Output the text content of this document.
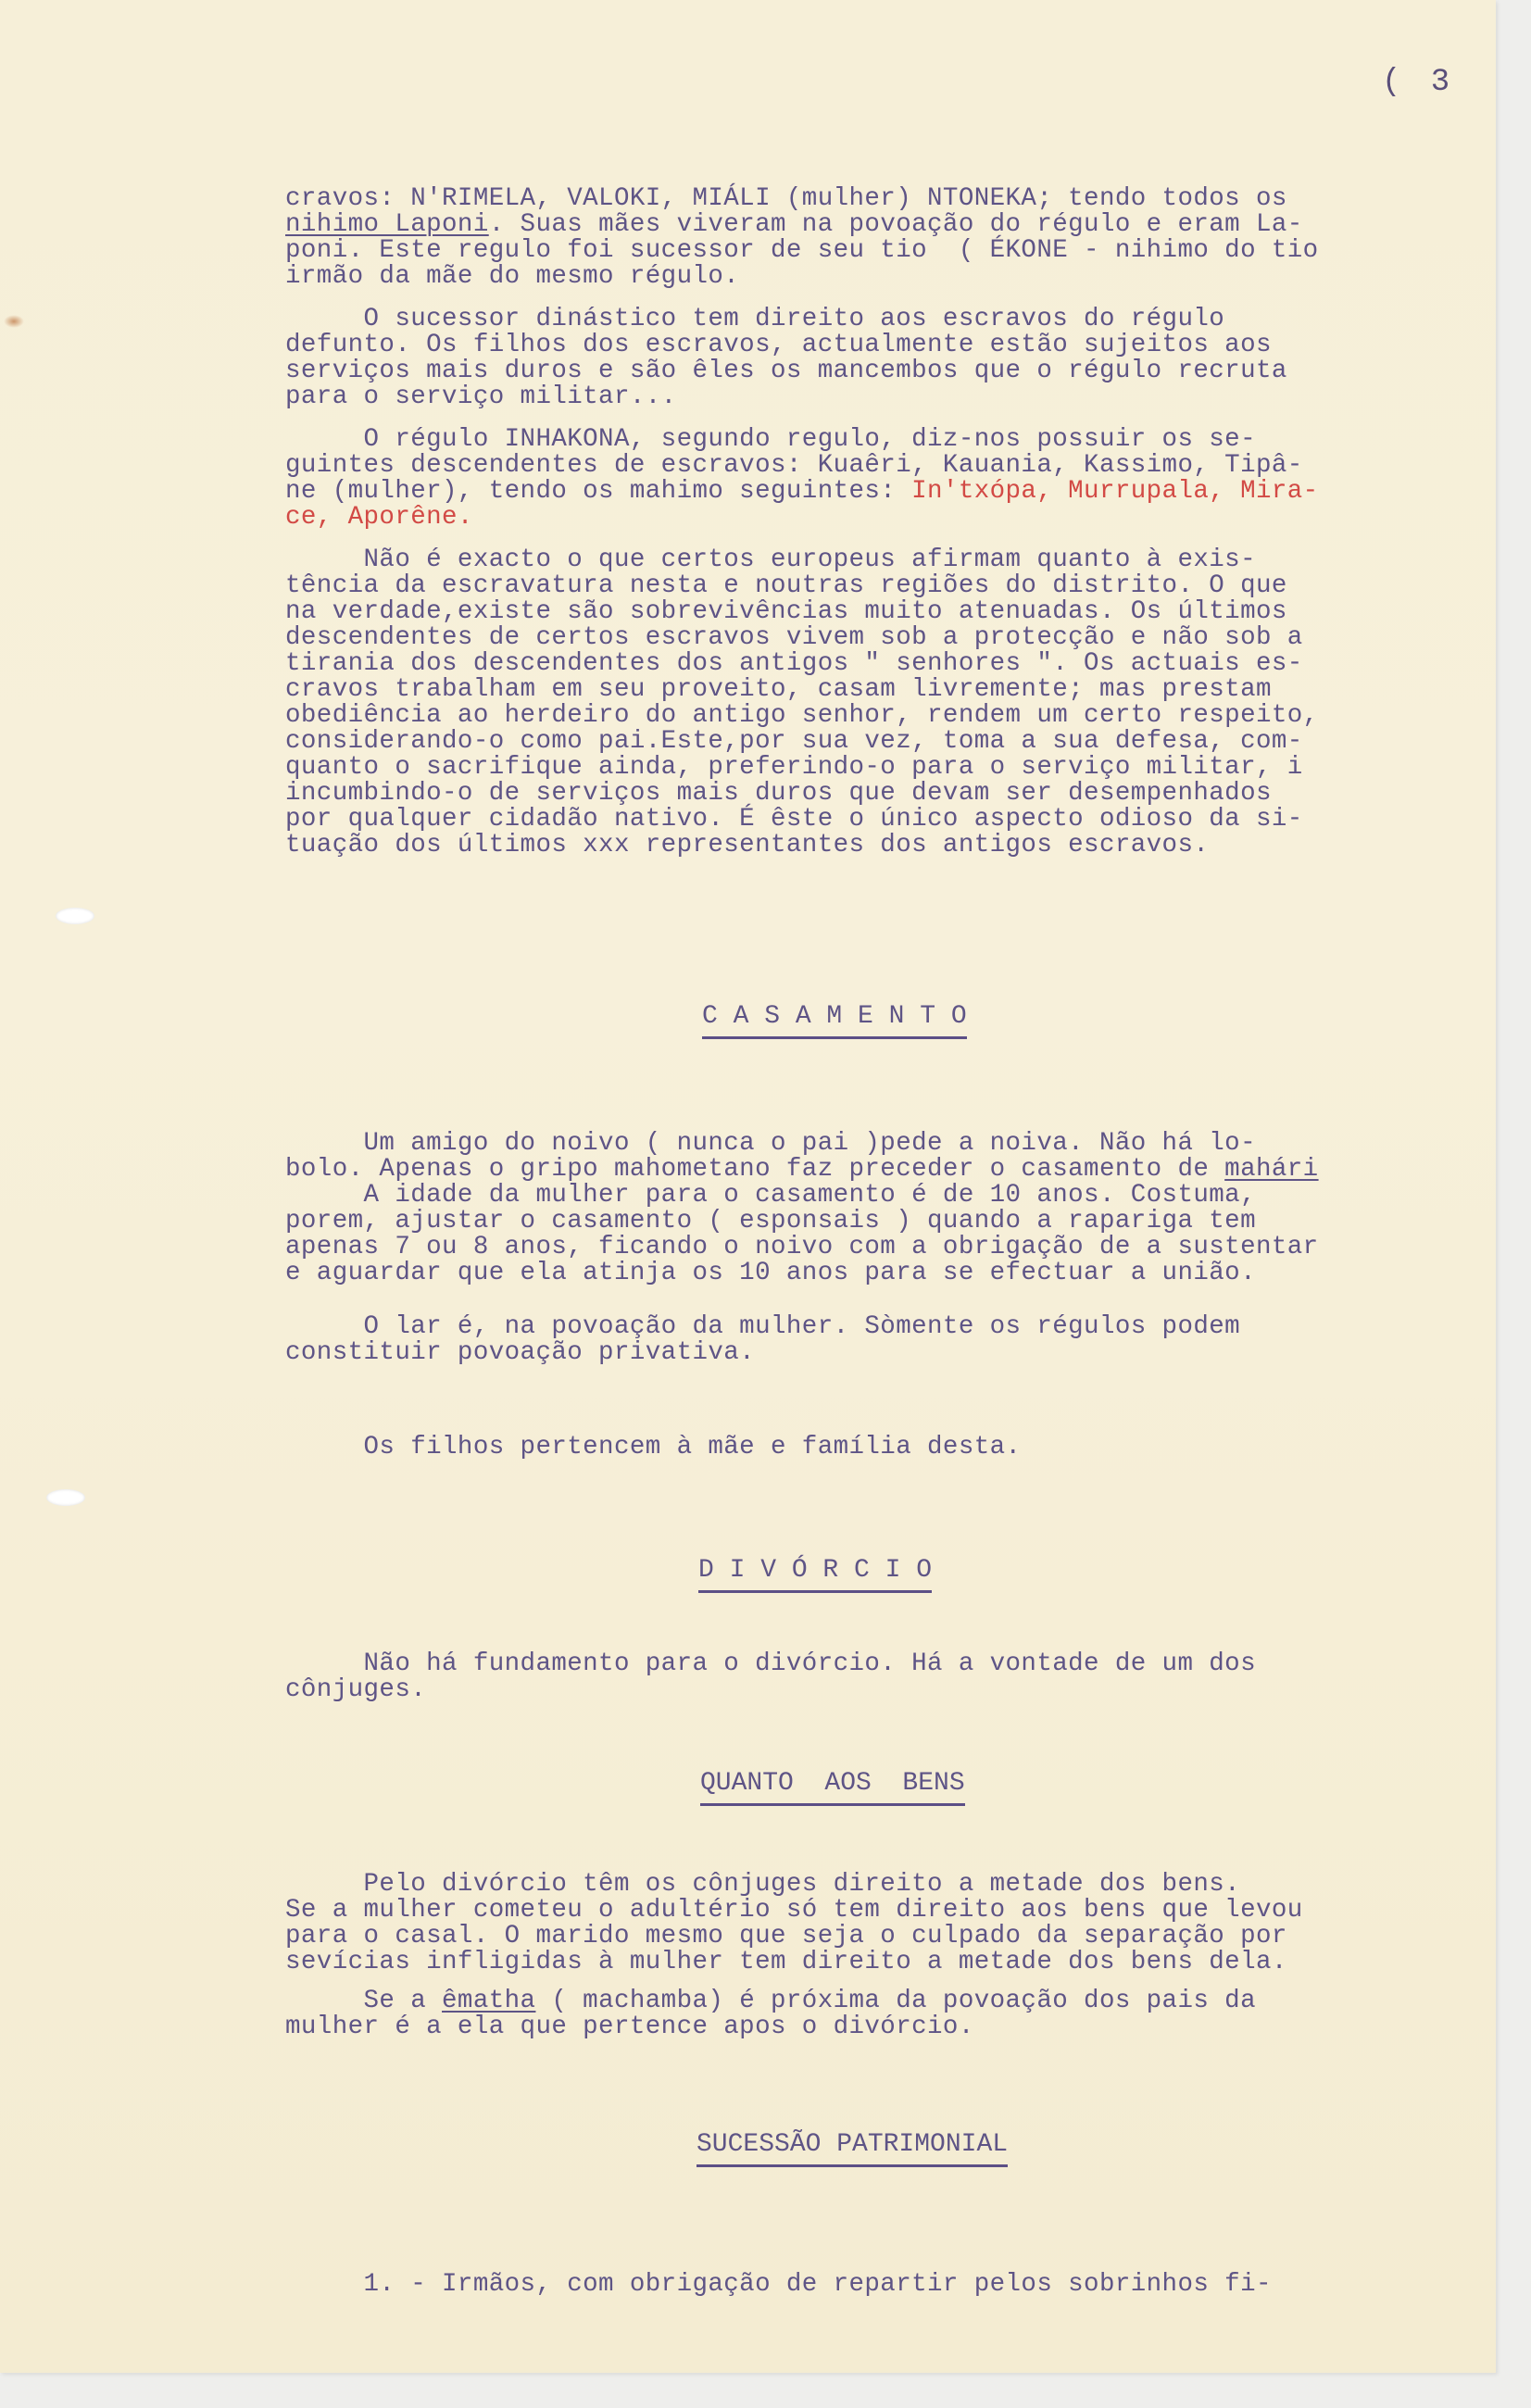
( 3
cravos: N'RIMELA, VALOKI, MIÁLI (mulher) NTONEKA; tendo todos os
nihimo Laponi. Suas mães viveram na povoação do régulo e eram La-
poni. Este regulo foi sucessor de seu tio  ( ÉKONE - nihimo do tio
irmão da mãe do mesmo régulo.
O sucessor dinástico tem direito aos escravos do régulo
defunto. Os filhos dos escravos, actualmente estão sujeitos aos
serviços mais duros e são êles os mancembos que o régulo recruta
para o serviço militar...
O régulo INHAKONA, segundo regulo, diz-nos possuir os se-
guintes descendentes de escravos: Kuaêri, Kauania, Kassimo, Tipâ-
ne (mulher), tendo os mahimo seguintes: In'txópa, Murrupala, Mira-
ce, Aporêne.
Não é exacto o que certos europeus afirmam quanto à exis-
tência da escravatura nesta e noutras regiões do distrito. O que
na verdade,existe são sobrevivências muito atenuadas. Os últimos
descendentes de certos escravos vivem sob a protecção e não sob a
tirania dos descendentes dos antigos " senhores ". Os actuais es-
cravos trabalham em seu proveito, casam livremente; mas prestam
obediência ao herdeiro do antigo senhor, rendem um certo respeito,
considerando-o como pai.Este,por sua vez, toma a sua defesa, com-
quanto o sacrifique ainda, preferindo-o para o serviço militar, i
incumbindo-o de serviços mais duros que devam ser desempenhados
por qualquer cidadão nativo. É êste o único aspecto odioso da si-
tuação dos últimos xxx representantes dos antigos escravos.
C A S A M E N T O
Um amigo do noivo ( nunca o pai )pede a noiva. Não há lo-
bolo. Apenas o gripo mahometano faz preceder o casamento de mahári
A idade da mulher para o casamento é de 10 anos. Costuma,
porem, ajustar o casamento ( esponsais ) quando a rapariga tem
apenas 7 ou 8 anos, ficando o noivo com a obrigação de a sustentar
e aguardar que ela atinja os 10 anos para se efectuar a união.
O lar é, na povoação da mulher. Sòmente os régulos podem
constituir povoação privativa.
Os filhos pertencem à mãe e família desta.
D I V Ó R C I O
Não há fundamento para o divórcio. Há a vontade de um dos
cônjuges.
QUANTO  AOS  BENS
Pelo divórcio têm os cônjuges direito a metade dos bens.
Se a mulher cometeu o adultério só tem direito aos bens que levou
para o casal. O marido mesmo que seja o culpado da separação por
sevícias infligidas à mulher tem direito a metade dos bens dela.
Se a êmatha ( machamba) é próxima da povoação dos pais da
mulher é a ela que pertence apos o divórcio.
SUCESSÃO PATRIMONIAL
1. - Irmãos, com obrigação de repartir pelos sobrinhos fi-
